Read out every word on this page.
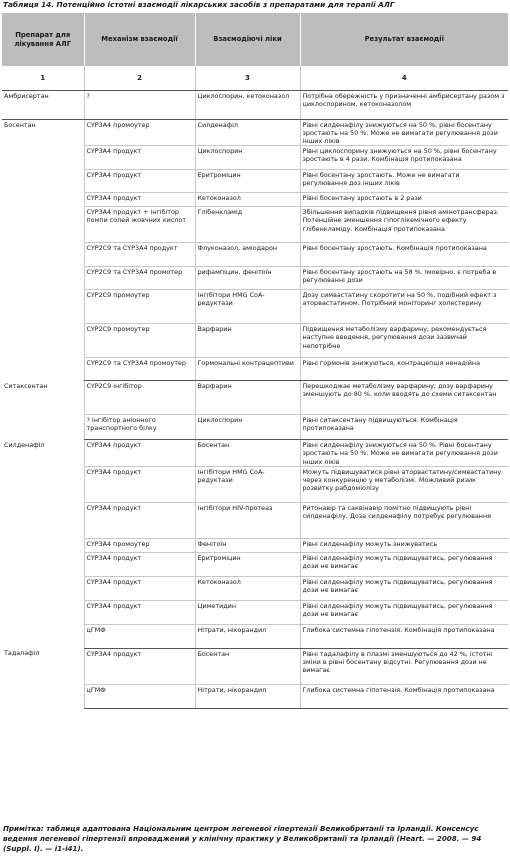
Таблиця 14. Потенційно істотні взаємодії лікарських засобів з препаратами для терапії АЛГ
Препарат для лікування АЛГ	Механізм взаємодії	Взаємодіючі ліки	Результат взаємодії
1	2	3	4
Амбрисертан	?	Циклоспорин, кетоконазол	Потрібна обережність у призначенні амбрисертану разом з циклоспорином, кетоконазолом
Босентан	CYP3A4 промоутер	Силденафіл	Рівні силденафілу знижуються на 50 %, рівні босентану зростають на 50 %. Може не вимагати регулювання дози інших ліків
	CYP3A4 продукт	Циклоспорин	Рівні циклоспорину знижуються на 50 %, рівні босентану зростають в 4 рази. Комбінація протипоказана
	CYP3A4 продукт	Еритроміцин	Рівні босентану зростають. Може не вимагати регулювання доз інших ліків
	CYP3A4 продукт	Кетоконазол	Рівні босентану зростають в 2 рази
	CYP3A4 продукт + інгібітор помпи солей жовчних кислот	Глібенкламід	Збільшення випадків підвищення рівня амінотрансфераз. Потенційне зменшення гіпоглікемічного ефекту глібенкламіду. Комбінація протипоказана
	CYP2C9 та CYP3A4 продукт	Флуконазол, аміодарон	Рівні босентану зростають. Комбінація протипоказана
	CYP2C9 та CYP3A4 промотер	рифампіцин, фенітоїн	Рівні босентану зростають на 58 %. Імовірно, є потреба в регулюванні дози
	CYP2C9 промоутер	Інгібітори HMG CoA-редуктази	Дозу симвастатину скоротити на 50 %, подібний ефект з аторвастатином. Потрібний моніторинг холестерину
	CYP2C9 промоутер	Варфарин	Підвищення метаболізму варфарину, рекомендується наступне введення, регулювання дози зазвичай непотрібне
	CYP2C9 та CYP3A4 промоутер	Гормональні контрацептиви	Рівні гормонів знижуються, контрацепція ненадійна
Ситаксентан	CYP2C9 інгібітор	Варфарин	Перешкоджає метаболізму варфарину; дозу варфарину зменшують до 80 %, коли вводять до схеми ситаксентан
	? інгібітор аніонного транспортного білку	Циклоспорин	Рівні ситаксентану підвищуються. Комбінація протипоказана
Силденафіл	CYP3A4 продукт	Босентан	Рівні силденафілу знижуються на 50 %. Рівні босентану зростають на 50 %. Може не вимагати регулювання дози інших ліків
	CYP3A4 продукт	Інгібітори HMG CoA-редуктази	Можуть підвищуватися рівні аторвастатину/симвастатину через конкуренцію у метаболізмі. Можливий ризик розвитку рабдоміолізу
	CYP3A4 продукт	Інгібітори HIV-протеаз	Ритонавір та саквінавір помітно підвищують рівні силденафілу. Доза силденафілу потребує регулювання
	CYP3A4 промоутер	Фенітоїн	Рівні силденафілу можуть знижуватись
	CYP3A4 продукт	Еритроміцин	Рівні силденафілу можуть підвищуватись, регулювання дози не вимагає
	CYP3A4 продукт	Кетоконазол	Рівні силденафілу можуть підвищуватись, регулювання дози не вимагає
	CYP3A4 продукт	Циметидин	Рівні силденафілу можуть підвищуватись, регулювання дози не вимагає
	цГМФ	Нітрати, нікорандил	Глибока системна гіпотензія. Комбінація протипоказана
Тадалафіл	CYP3A4 продукт	Босентан	Рівні тадалафілу в плазмі зменшуються до 42 %, істотні зміни в рівні босентану відсутні. Регулювання дози не вимагає
	цГМФ	Нітрати, нікорандил	Глибока системна гіпотензія. Комбінація протипоказана
Примітка: таблиця адаптована Національним центром легеневої гіпертензії Великобританії та Ірландії. Консенсус ведення легеневої гіпертензії впроваджений у клінічну практику у Великобританії та Ірландії (Heart. — 2008. — 94 (Suppl. I). — i1-i41).
